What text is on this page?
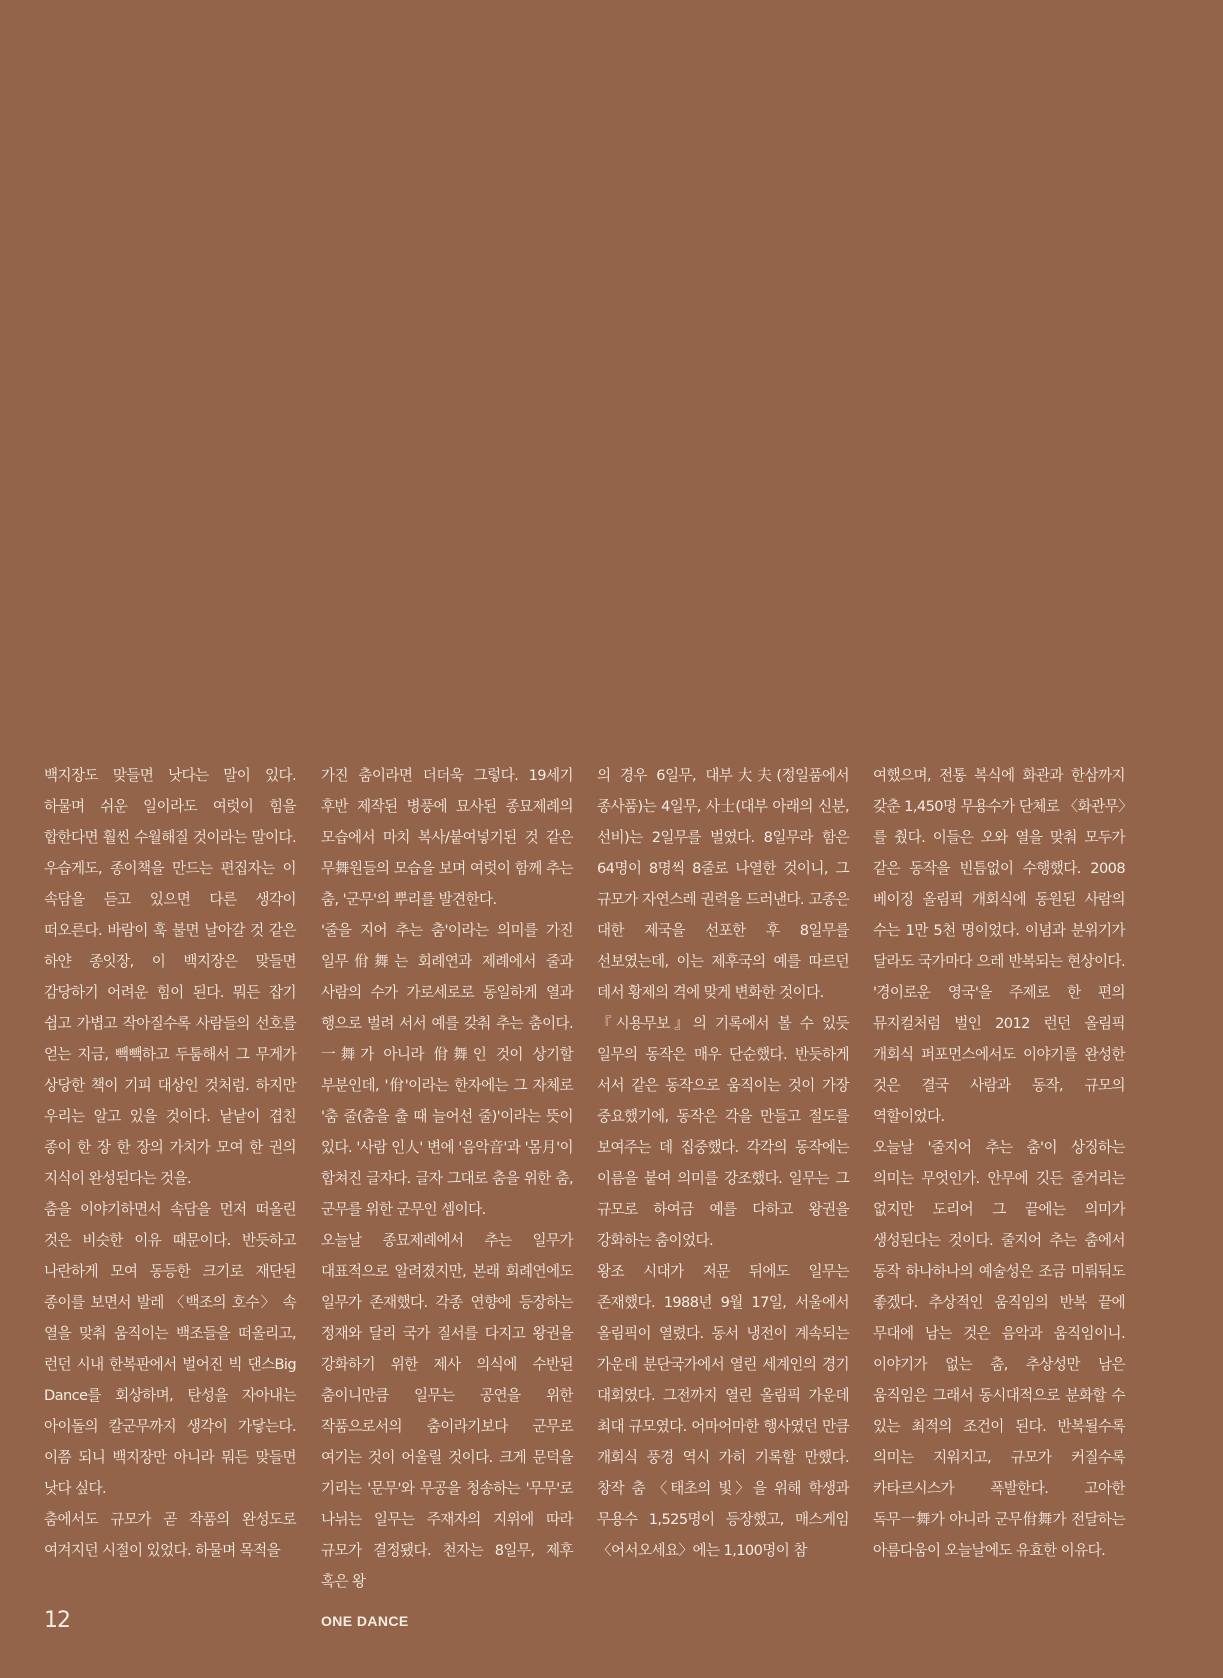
백지장도 맞들면 낫다는 말이 있다. 하물며 쉬운 일이라도 여럿이 힘을 합한다면 훨씬 수월해질 것이라는 말이다. 우습게도, 종이책을 만드는 편집자는 이 속담을 듣고 있으면 다른 생각이 떠오른다. 바람이 훅 불면 날아갈 것 같은 하얀 종잇장, 이 백지장은 맞들면 감당하기 어려운 힘이 된다. 뭐든 잡기 쉽고 가볍고 작아질수록 사람들의 선호를 얻는 지금, 빽빽하고 두툼해서 그 무게가 상당한 책이 기피 대상인 것처럼. 하지만 우리는 알고 있을 것이다. 낱낱이 겹친 종이 한 장 한 장의 가치가 모여 한 권의 지식이 완성된다는 것을.

춤을 이야기하면서 속담을 먼저 떠올린 것은 비슷한 이유 때문이다. 반듯하고 나란하게 모여 동등한 크기로 재단된 종이를 보면서 발레 〈백조의 호수〉 속 열을 맞춰 움직이는 백조들을 떠올리고, 런던 시내 한복판에서 벌어진 빅 댄스Big Dance를 회상하며, 탄성을 자아내는 아이돌의 칼군무까지 생각이 가닿는다. 이쯤 되니 백지장만 아니라 뭐든 맞들면 낫다 싶다.

춤에서도 규모가 곧 작품의 완성도로 여겨지던 시절이 있었다. 하물며 목적을

가진 춤이라면 더더욱 그렇다. 19세기 후반 제작된 병풍에 묘사된 종묘제례의 모습에서 마치 복사/붙여넣기된 것 같은 무舞원들의 모습을 보며 여럿이 함께 추는 춤, '군무'의 뿌리를 발견한다.

'줄을 지어 추는 춤'이라는 의미를 가진 일무佾舞는 회례연과 제례에서 줄과 사람의 수가 가로세로로 동일하게 열과 행으로 벌려 서서 예를 갖춰 추는 춤이다. 一舞가 아니라 佾舞인 것이 상기할 부분인데, '佾'이라는 한자에는 그 자체로 '춤 줄(춤을 출 때 늘어선 줄)'이라는 뜻이 있다. '사람 인人' 변에 '음악音'과 '몸月'이 합쳐진 글자다. 글자 그대로 춤을 위한 춤, 군무를 위한 군무인 셈이다.

오늘날 종묘제례에서 추는 일무가 대표적으로 알려졌지만, 본래 회례연에도 일무가 존재했다. 각종 연향에 등장하는 정재와 달리 국가 질서를 다지고 왕권을 강화하기 위한 제사 의식에 수반된 춤이니만큼 일무는 공연을 위한 작품으로서의 춤이라기보다 군무로 여기는 것이 어울릴 것이다. 크게 문덕을 기리는 '문무'와 무공을 청송하는 '무무'로 나뉘는 일무는 주재자의 지위에 따라 규모가 결정됐다. 천자는 8일무, 제후 혹은 왕

의 경우 6일무, 대부大夫(정일품에서 종사품)는 4일무, 사士(대부 아래의 신분, 선비)는 2일무를 벌였다. 8일무라 함은 64명이 8명씩 8줄로 나열한 것이니, 그 규모가 자연스레 권력을 드러낸다. 고종은 대한 제국을 선포한 후 8일무를 선보였는데, 이는 제후국의 예를 따르던 데서 황제의 격에 맞게 변화한 것이다.

『시용무보』의 기록에서 볼 수 있듯 일무의 동작은 매우 단순했다. 반듯하게 서서 같은 동작으로 움직이는 것이 가장 중요했기에, 동작은 각을 만들고 절도를 보여주는 데 집중했다. 각각의 동작에는 이름을 붙여 의미를 강조했다. 일무는 그 규모로 하여금 예를 다하고 왕권을 강화하는 춤이었다.

왕조 시대가 저문 뒤에도 일무는 존재했다. 1988년 9월 17일, 서울에서 올림픽이 열렸다. 동서 냉전이 계속되는 가운데 분단국가에서 열린 세계인의 경기 대회였다. 그전까지 열린 올림픽 가운데 최대 규모였다. 어마어마한 행사였던 만큼 개회식 풍경 역시 가히 기록할 만했다. 창작 춤 〈태초의 빛〉을 위해 학생과 무용수 1,525명이 등장했고, 매스게임 〈어서오세요〉에는 1,100명이 참

여했으며, 전통 복식에 화관과 한삼까지 갖춘 1,450명 무용수가 단체로 〈화관무〉를 췄다. 이들은 오와 열을 맞춰 모두가 같은 동작을 빈틈없이 수행했다. 2008 베이징 올림픽 개회식에 동원된 사람의 수는 1만 5천 명이었다. 이념과 분위기가 달라도 국가마다 으레 반복되는 현상이다. '경이로운 영국'을 주제로 한 편의 뮤지컬처럼 벌인 2012 런던 올림픽 개회식 퍼포먼스에서도 이야기를 완성한 것은 결국 사람과 동작, 규모의 역할이었다.

오늘날 '줄지어 추는 춤'이 상징하는 의미는 무엇인가. 안무에 깃든 줄거리는 없지만 도리어 그 끝에는 의미가 생성된다는 것이다. 줄지어 추는 춤에서 동작 하나하나의 예술성은 조금 미뤄둬도 좋겠다. 추상적인 움직임의 반복 끝에 무대에 남는 것은 음악과 움직임이니. 이야기가 없는 춤, 추상성만 남은 움직임은 그래서 동시대적으로 분화할 수 있는 최적의 조건이 된다. 반복될수록 의미는 지워지고, 규모가 커질수록 카타르시스가 폭발한다. 고아한 독무一舞가 아니라 군무佾舞가 전달하는 아름다움이 오늘날에도 유효한 이유다.

12	ONE DANCE
